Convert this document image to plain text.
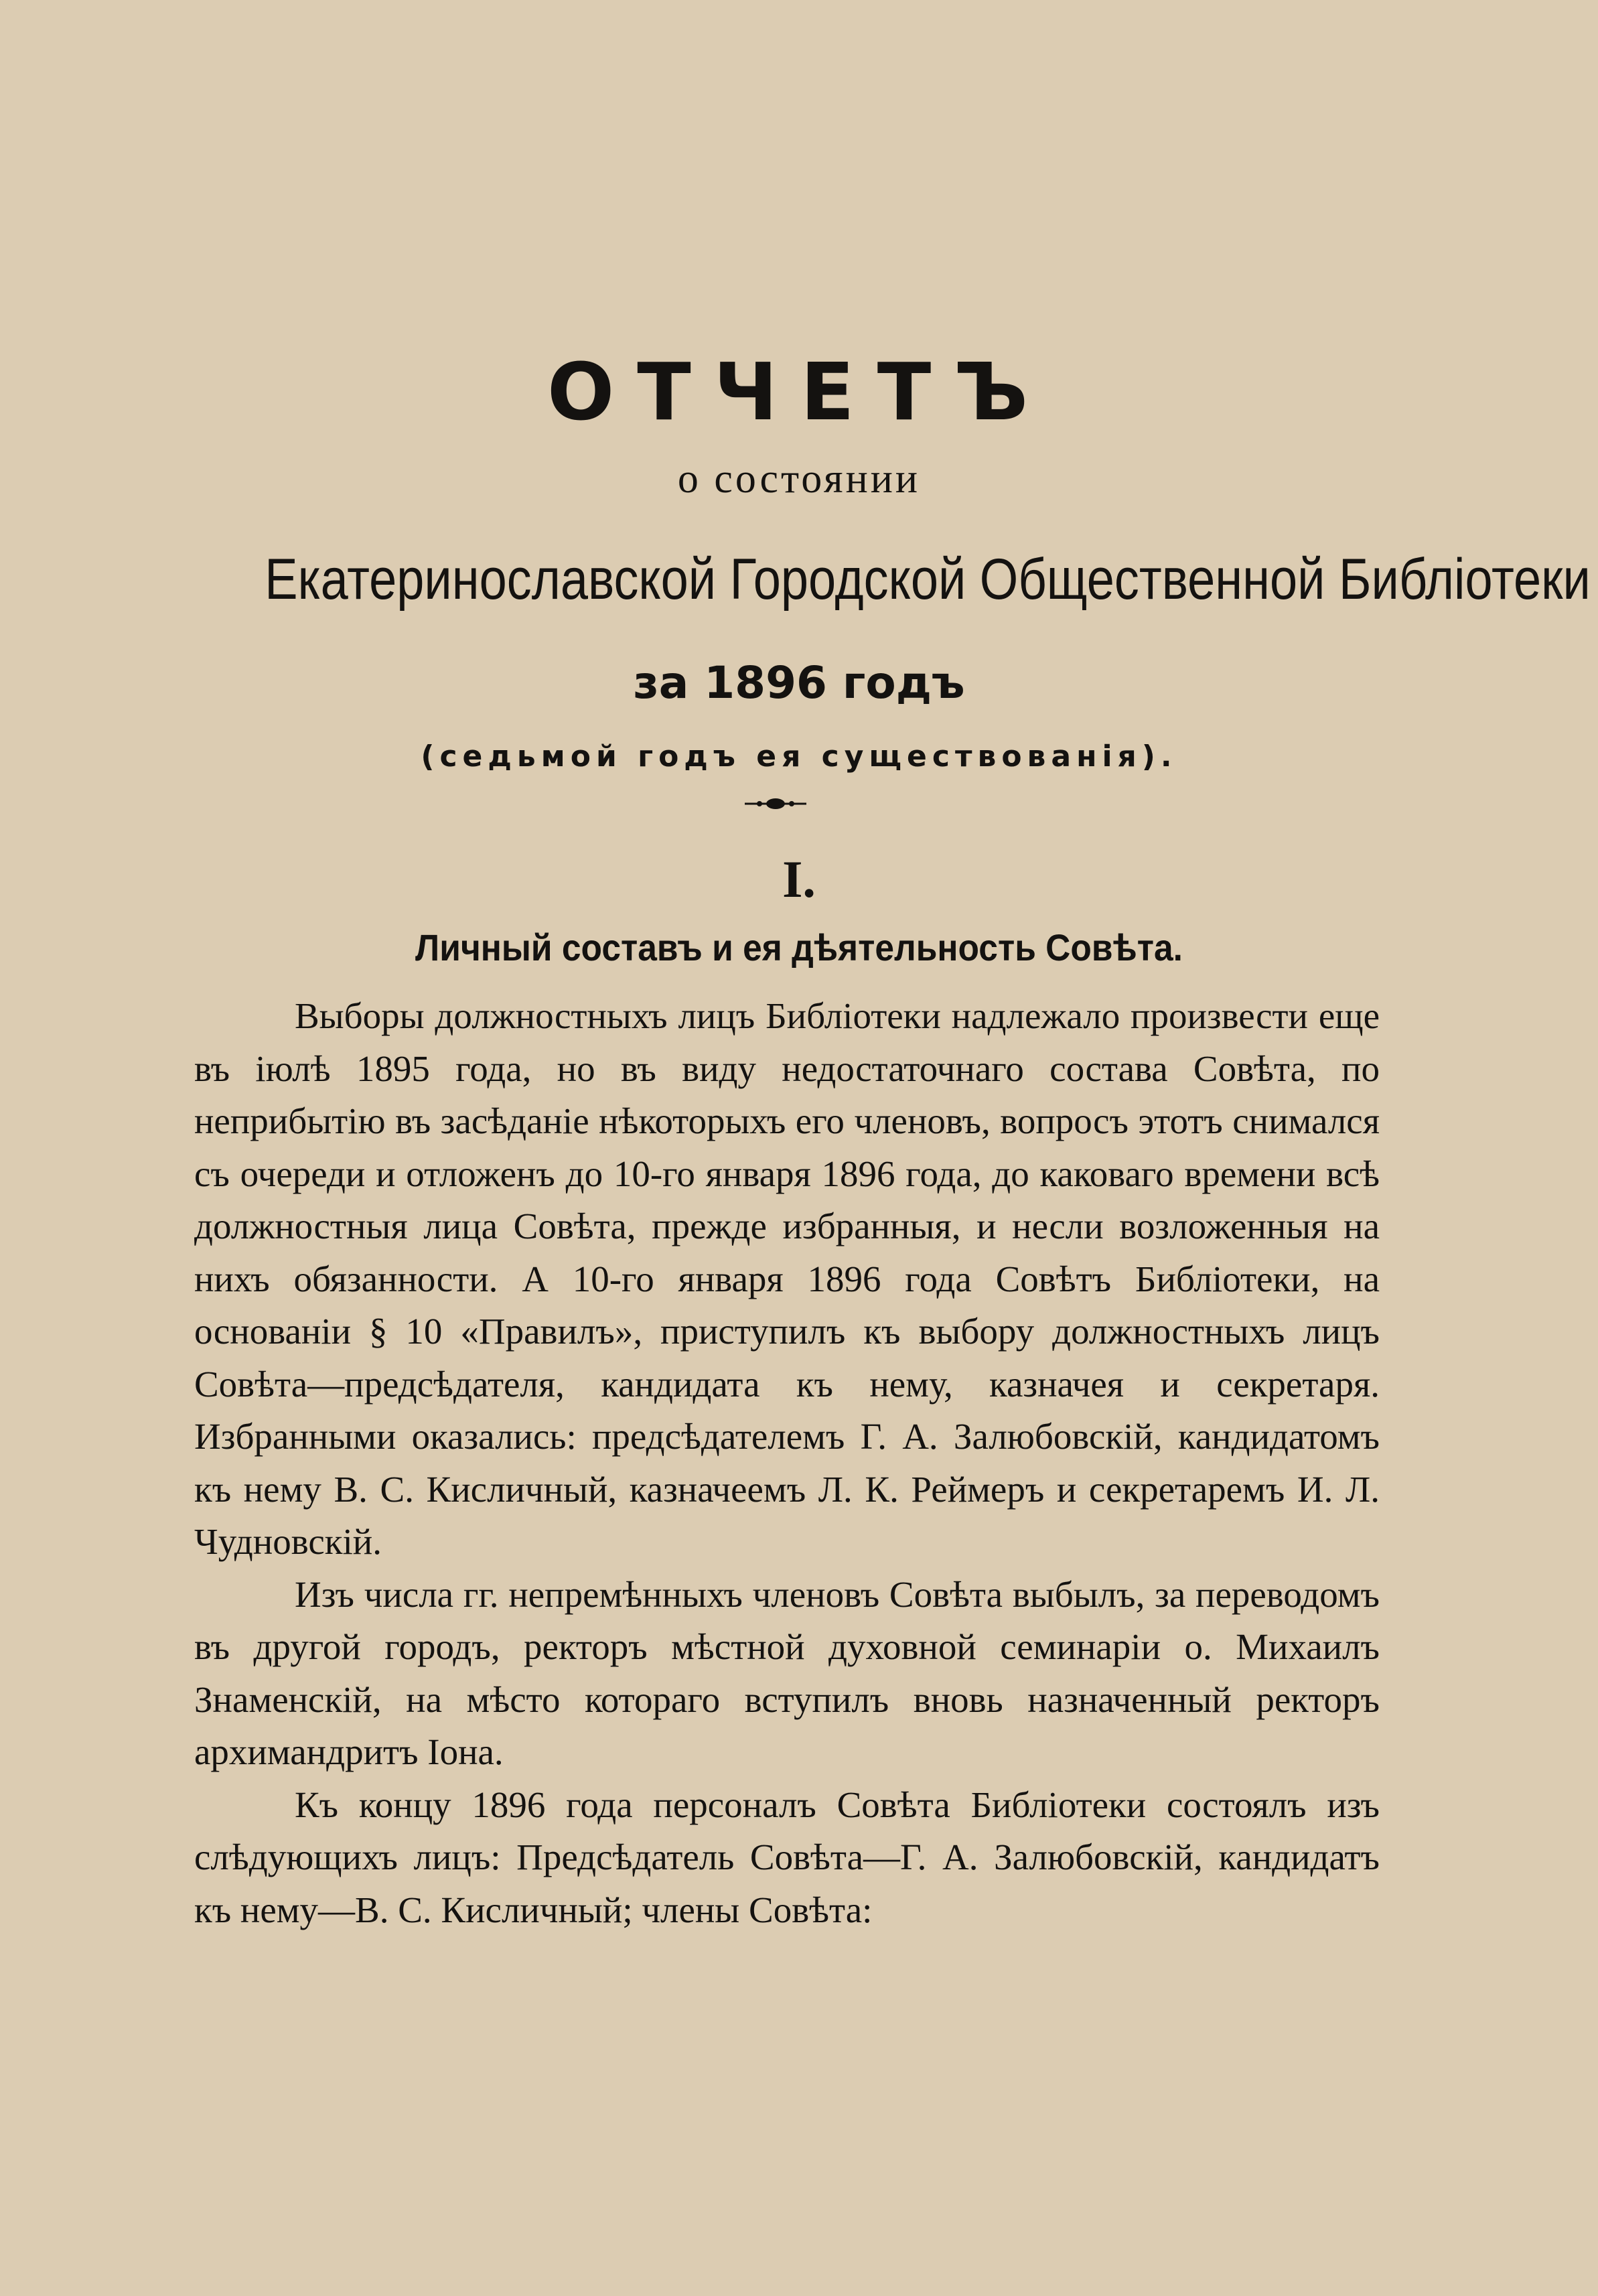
ОТЧЕТЪ
о состоянии
Екатеринославской Городской Общественной Библіотеки
за 1896 годъ
(седьмой годъ ея существованія).
I.
Личный составъ и ея дѣятельность Совѣта.

Выборы должностныхъ лицъ Библіотеки надлежало произвести еще въ іюлѣ 1895 года, но въ виду недостаточнаго состава Совѣта, по неприбытію въ засѣданіе нѣкоторыхъ его членовъ, вопросъ этотъ снимался съ очереди и отложенъ до 10-го января 1896 года, до каковаго времени всѣ должностныя лица Совѣта, прежде избранныя, и несли возложенныя на нихъ обязанности. А 10-го января 1896 года Совѣтъ Библіотеки, на основаніи § 10 «Правилъ», приступилъ къ выбору должностныхъ лицъ Совѣта—предсѣдателя, кандидата къ нему, казначея и секретаря. Избранными оказались: предсѣдателемъ Г. А. Залюбовскій, кандидатомъ къ нему В. С. Кисличный, казначеемъ Л. К. Реймеръ и секретаремъ И. Л. Чудновскій.

Изъ числа гг. непремѣнныхъ членовъ Совѣта выбылъ, за переводомъ въ другой городъ, ректоръ мѣстной духовной семинаріи о. Михаилъ Знаменскій, на мѣсто котораго вступилъ вновь назначенный ректоръ архимандритъ Іона.

Къ концу 1896 года персоналъ Совѣта Библіотеки состоялъ изъ слѣдующихъ лицъ: Предсѣдатель Совѣта—Г. А. Залюбовскій, кандидатъ къ нему—В. С. Кисличный; члены Совѣта:
